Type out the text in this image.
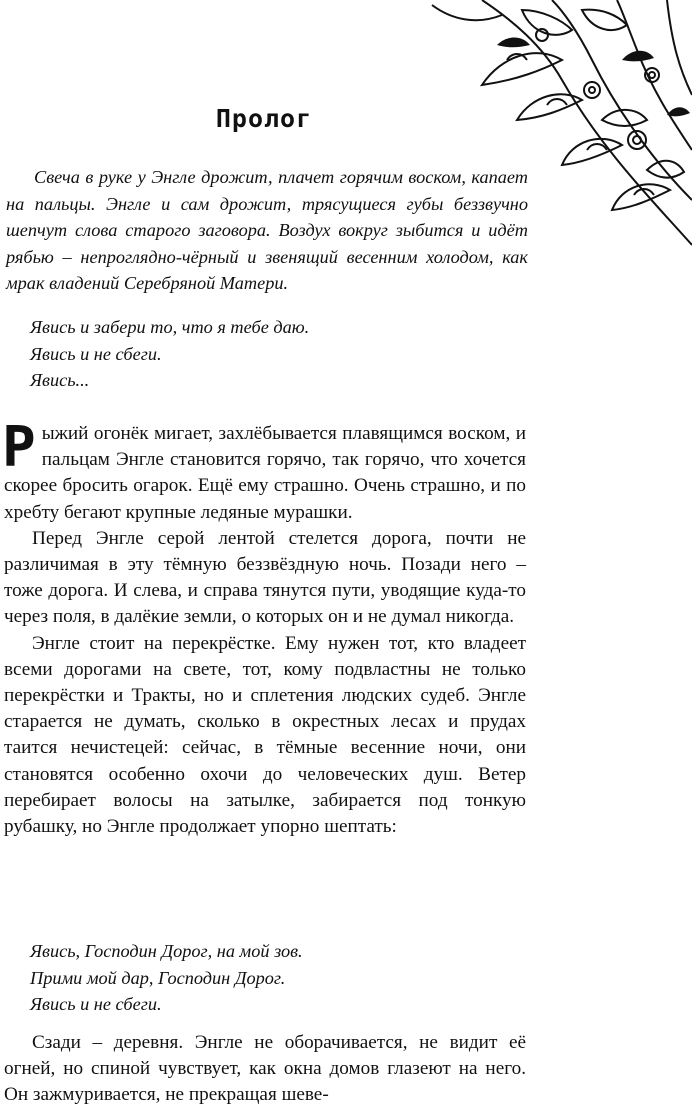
Пролог

Свеча в руке у Энгле дрожит, плачет горячим воском, капает на пальцы. Энгле и сам дрожит, трясущиеся губы беззвучно шепчут слова старого заговора. Воздух вокруг зыбится и идёт рябью – непроглядно-чёрный и звенящий весенним холодом, как мрак владений Серебряной Матери.

Явись и забери то, что я тебе даю.
Явись и не сбеги.
Явись...

Рыжий огонёк мигает, захлёбывается плавящимся воском, и пальцам Энгле становится горячо, так горячо, что хочется скорее бросить огарок. Ещё ему страшно. Очень страшно, и по хребту бегают крупные ледяные мурашки.

Перед Энгле серой лентой стелется дорога, почти не различимая в эту тёмную беззвёздную ночь. Позади него – тоже дорога. И слева, и справа тянутся пути, уводящие куда-то через поля, в далёкие земли, о которых он и не думал никогда.

Энгле стоит на перекрёстке. Ему нужен тот, кто владеет всеми дорогами на свете, тот, кому подвластны не только перекрёстки и Тракты, но и сплетения людских судеб. Энгле старается не думать, сколько в окрестных лесах и прудах таится нечистецей: сейчас, в тёмные весенние ночи, они становятся особенно охочи до человеческих душ. Ветер перебирает волосы на затылке, забирается под тонкую рубашку, но Энгле продолжает упорно шептать:

Явись, Господин Дорог, на мой зов.
Прими мой дар, Господин Дорог.
Явись и не сбеги.

Сзади – деревня. Энгле не оборачивается, не видит её огней, но спиной чувствует, как окна домов глазеют на него. Он зажмуривается, не прекращая шеве-
